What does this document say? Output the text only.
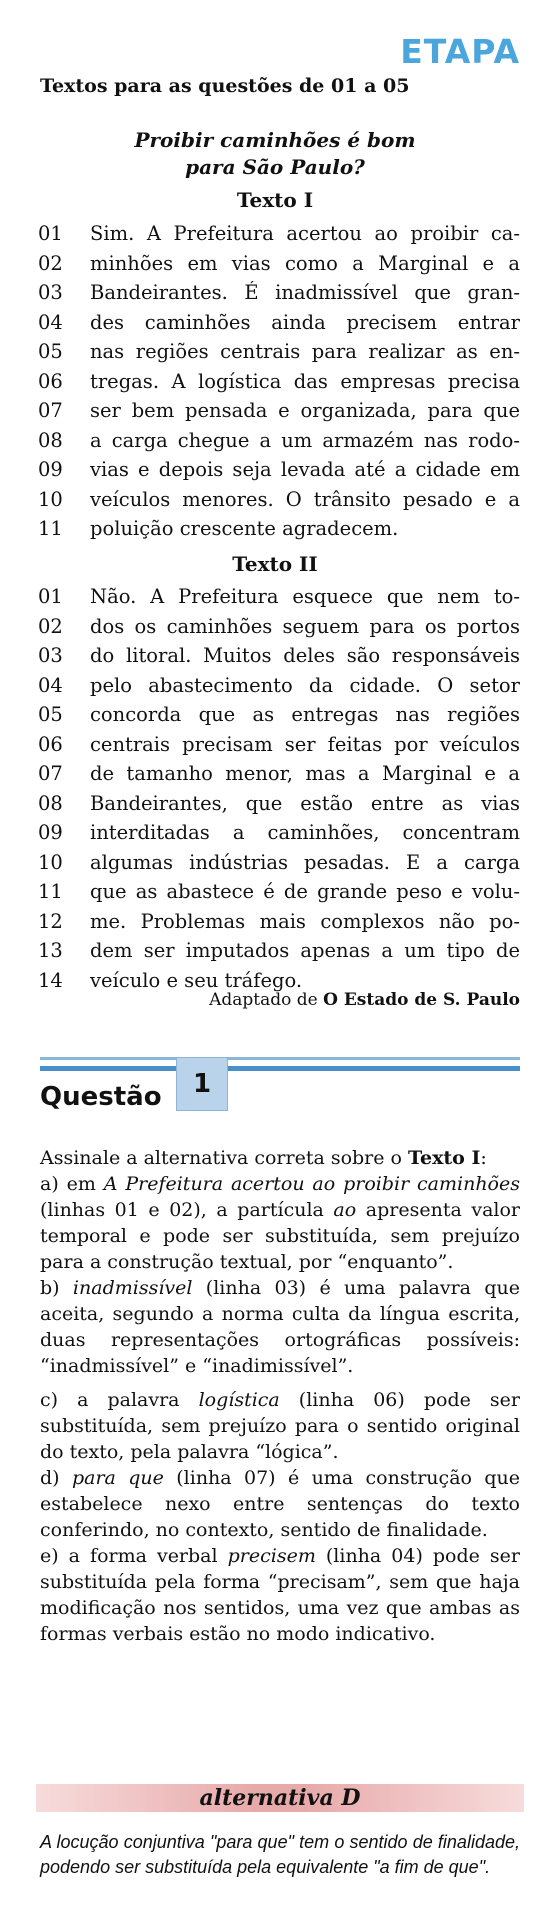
ETAPA
Textos para as questões de 01 a 05
Proibir caminhões é bom
para São Paulo?
Texto I
01	Sim. A Prefeitura acertou ao proibir ca-
02	minhões em vias como a Marginal e a
03	Bandeirantes. É inadmissível que gran-
04	des caminhões ainda precisem entrar
05	nas regiões centrais para realizar as en-
06	tregas. A logística das empresas precisa
07	ser bem pensada e organizada, para que
08	a carga chegue a um armazém nas rodo-
09	vias e depois seja levada até a cidade em
10	veículos menores. O trânsito pesado e a
11	poluição crescente agradecem.
Texto II
01	Não. A Prefeitura esquece que nem to-
02	dos os caminhões seguem para os portos
03	do litoral. Muitos deles são responsáveis
04	pelo abastecimento da cidade. O setor
05	concorda que as entregas nas regiões
06	centrais precisam ser feitas por veículos
07	de tamanho menor, mas a Marginal e a
08	Bandeirantes, que estão entre as vias
09	interditadas a caminhões, concentram
10	algumas indústrias pesadas. E a carga
11	que as abastece é de grande peso e volu-
12	me. Problemas mais complexos não po-
13	dem ser imputados apenas a um tipo de
14	veículo e seu tráfego.
Adaptado de O Estado de S. Paulo
Questão 1

Assinale a alternativa correta sobre o Texto I:

a) em A Prefeitura acertou ao proibir caminhões (linhas 01 e 02), a partícula ao apresenta valor temporal e pode ser substituída, sem prejuízo para a construção textual, por “enquanto”.

b) inadmissível (linha 03) é uma palavra que aceita, segundo a norma culta da língua escrita, duas representações ortográficas possíveis: “inadmissível” e “inadimissível”.

c) a palavra logística (linha 06) pode ser substituída, sem prejuízo para o sentido original do texto, pela palavra “lógica”.

d) para que (linha 07) é uma construção que estabelece nexo entre sentenças do texto conferindo, no contexto, sentido de finalidade.

e) a forma verbal precisem (linha 04) pode ser substituída pela forma “precisam”, sem que haja modificação nos sentidos, uma vez que ambas as formas verbais estão no modo indicativo.

alternativa D
A locução conjuntiva "para que" tem o sentido de finalidade, podendo ser substituída pela equivalente "a fim de que".
